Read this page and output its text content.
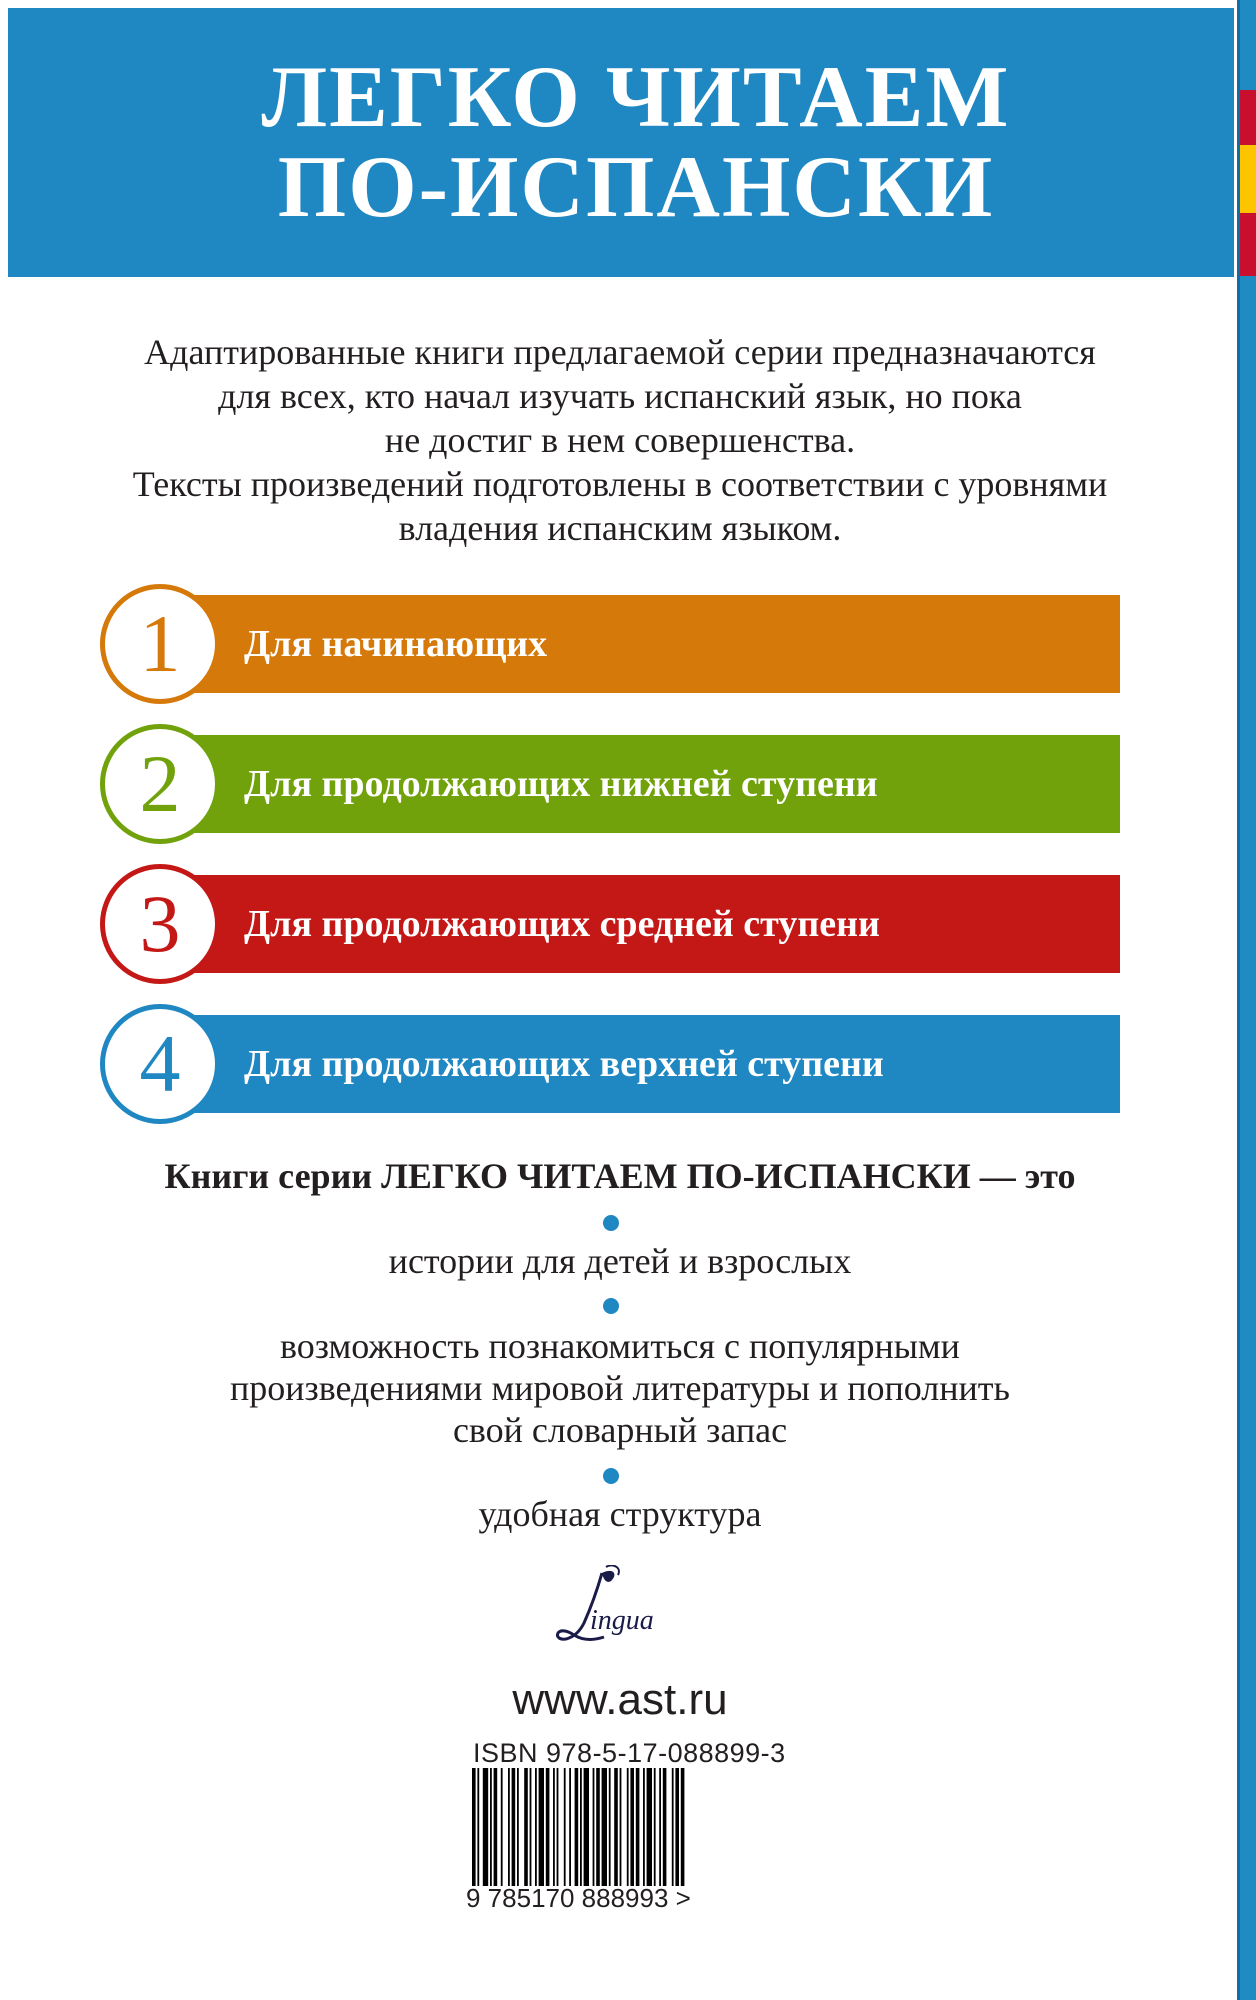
ЛЕГКО ЧИТАЕМ
ПО-ИСПАНСКИ
Адаптированные книги предлагаемой серии предназначаются
для всех, кто начал изучать испанский язык, но пока
не достиг в нем совершенства.
Тексты произведений подготовлены в соответствии с уровнями
владения испанским языком.
Для начинающих
1
Для продолжающих нижней ступени
2
Для продолжающих средней ступени
3
Для продолжающих верхней ступени
4
Книги серии ЛЕГКО ЧИТАЕМ ПО-ИСПАНСКИ — это
истории для детей и взрослых
возможность познакомиться с популярными
произведениями мировой литературы и пополнить
свой словарный запас
удобная структура
ingua
www.ast.ru
ISBN 978-5-17-088899-3
9 785170 888993 >
